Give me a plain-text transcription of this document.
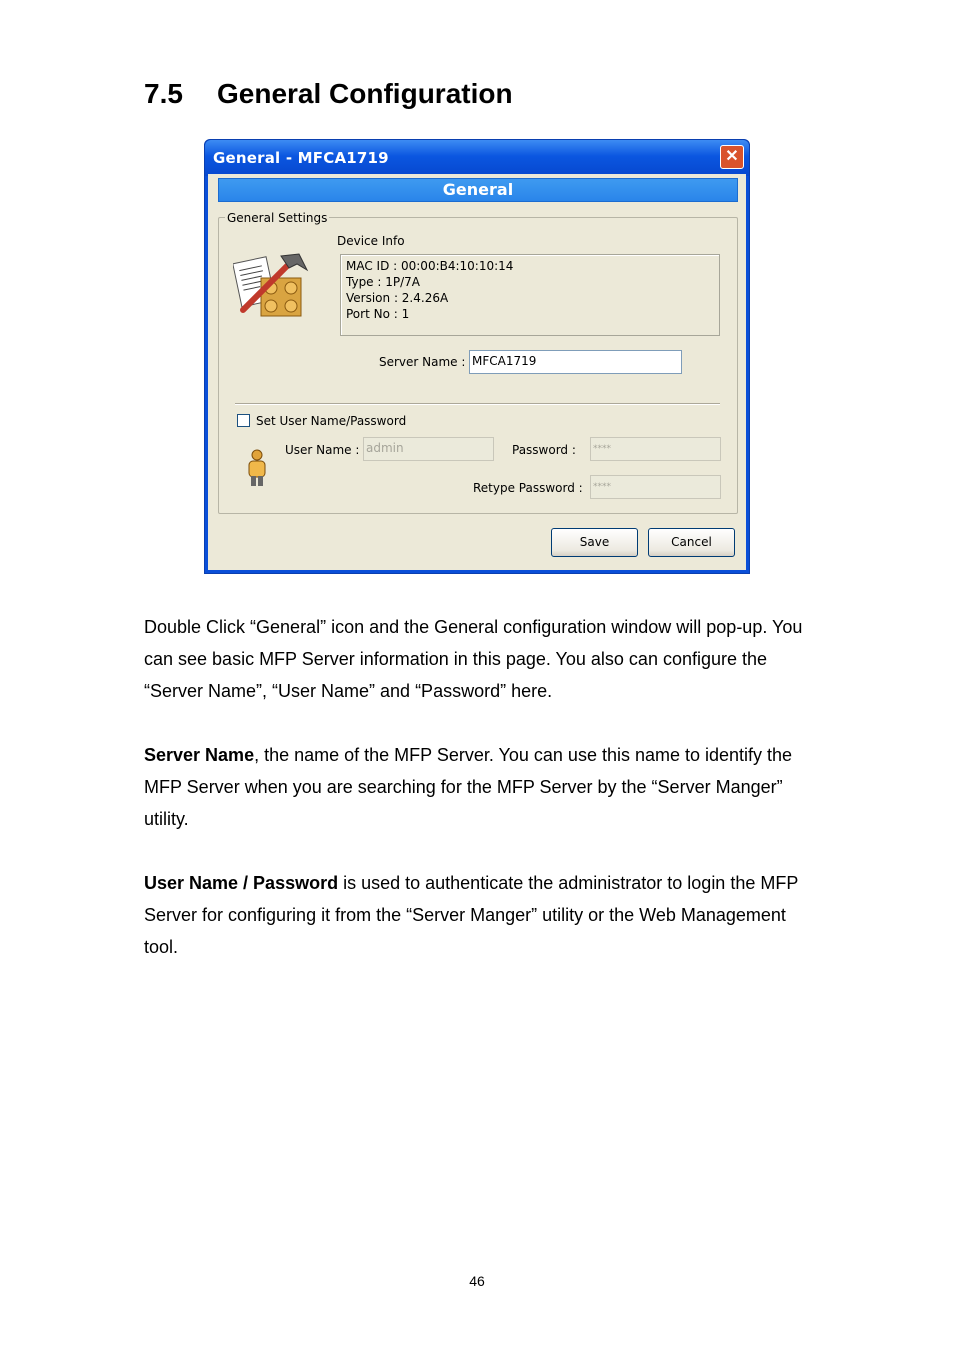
7.5 General Configuration
General - MFCA1719	✕
General
General Settings
Device Info
MAC ID : 00:00:B4:10:10:14
Type : 1P/7A
Version : 2.4.26A
Port No : 1
Server Name : MFCA1719
Set User Name/Password
User Name : admin	Password :	****
Retype Password :	****
Save	Cancel

Double Click “General” icon and the General configuration window will pop-up. You can see basic MFP Server information in this page. You also can configure the “Server Name”, “User Name” and “Password” here.

Server Name, the name of the MFP Server. You can use this name to identify the MFP Server when you are searching for the MFP Server by the “Server Manger” utility.

User Name / Password is used to authenticate the administrator to login the MFP Server for configuring it from the “Server Manger” utility or the Web Management tool.

46
